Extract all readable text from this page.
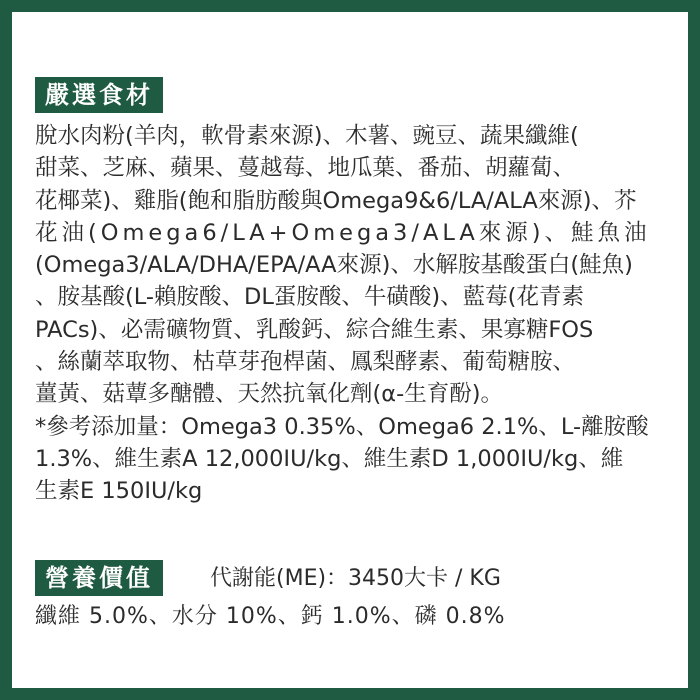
嚴選食材
脫水肉粉(羊肉，軟骨素來源)、木薯、豌豆、蔬果纖維(
甜菜、芝麻、蘋果、蔓越莓、地瓜葉、番茄、胡蘿蔔、
花椰菜)、雞脂(飽和脂肪酸與Omega9&6/LA/ALA來源)、芥
花油(Omega6/LA+Omega3/ALA來源)、鮭魚油
(Omega3/ALA/DHA/EPA/AA來源)、水解胺基酸蛋白(鮭魚)
、胺基酸(L-賴胺酸、DL蛋胺酸、牛磺酸)、藍莓(花青素
PACs)、必需礦物質、乳酸鈣、綜合維生素、果寡糖FOS
、絲蘭萃取物、枯草芽孢桿菌、鳳梨酵素、葡萄糖胺、
薑黃、菇蕈多醣體、天然抗氧化劑(α-生育酚)。
*參考添加量：Omega3 0.35%、Omega6 2.1%、L-離胺酸
1.3%、維生素A 12,000IU/kg、維生素D 1,000IU/kg、維
生素E 150IU/kg
營養價值	代謝能(ME)：3450大卡 / KG
纖維 5.0%、水分 10%、鈣 1.0%、磷 0.8%
